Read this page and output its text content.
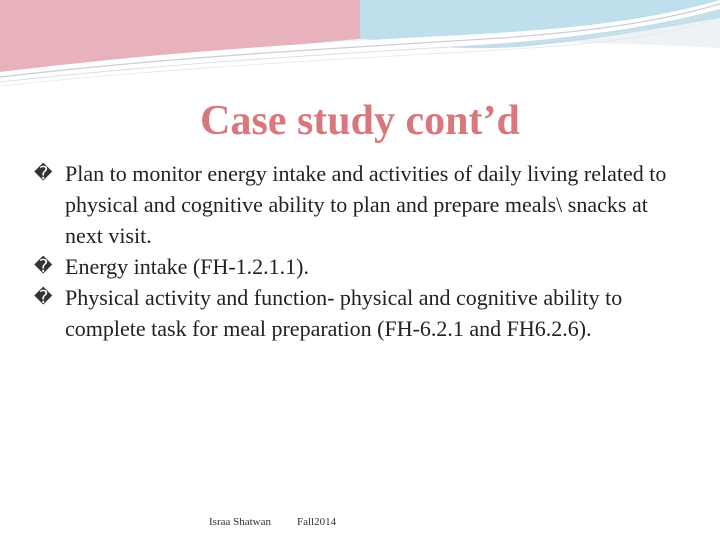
Case study cont’d
� Plan to monitor energy intake and activities of daily living related to physical and cognitive ability to plan and prepare meals\ snacks at next visit.
� Energy intake (FH-1.2.1.1).
� Physical activity and function- physical and cognitive ability to complete task for meal preparation (FH-6.2.1 and FH6.2.6).
Israa Shatwan Fall2014
